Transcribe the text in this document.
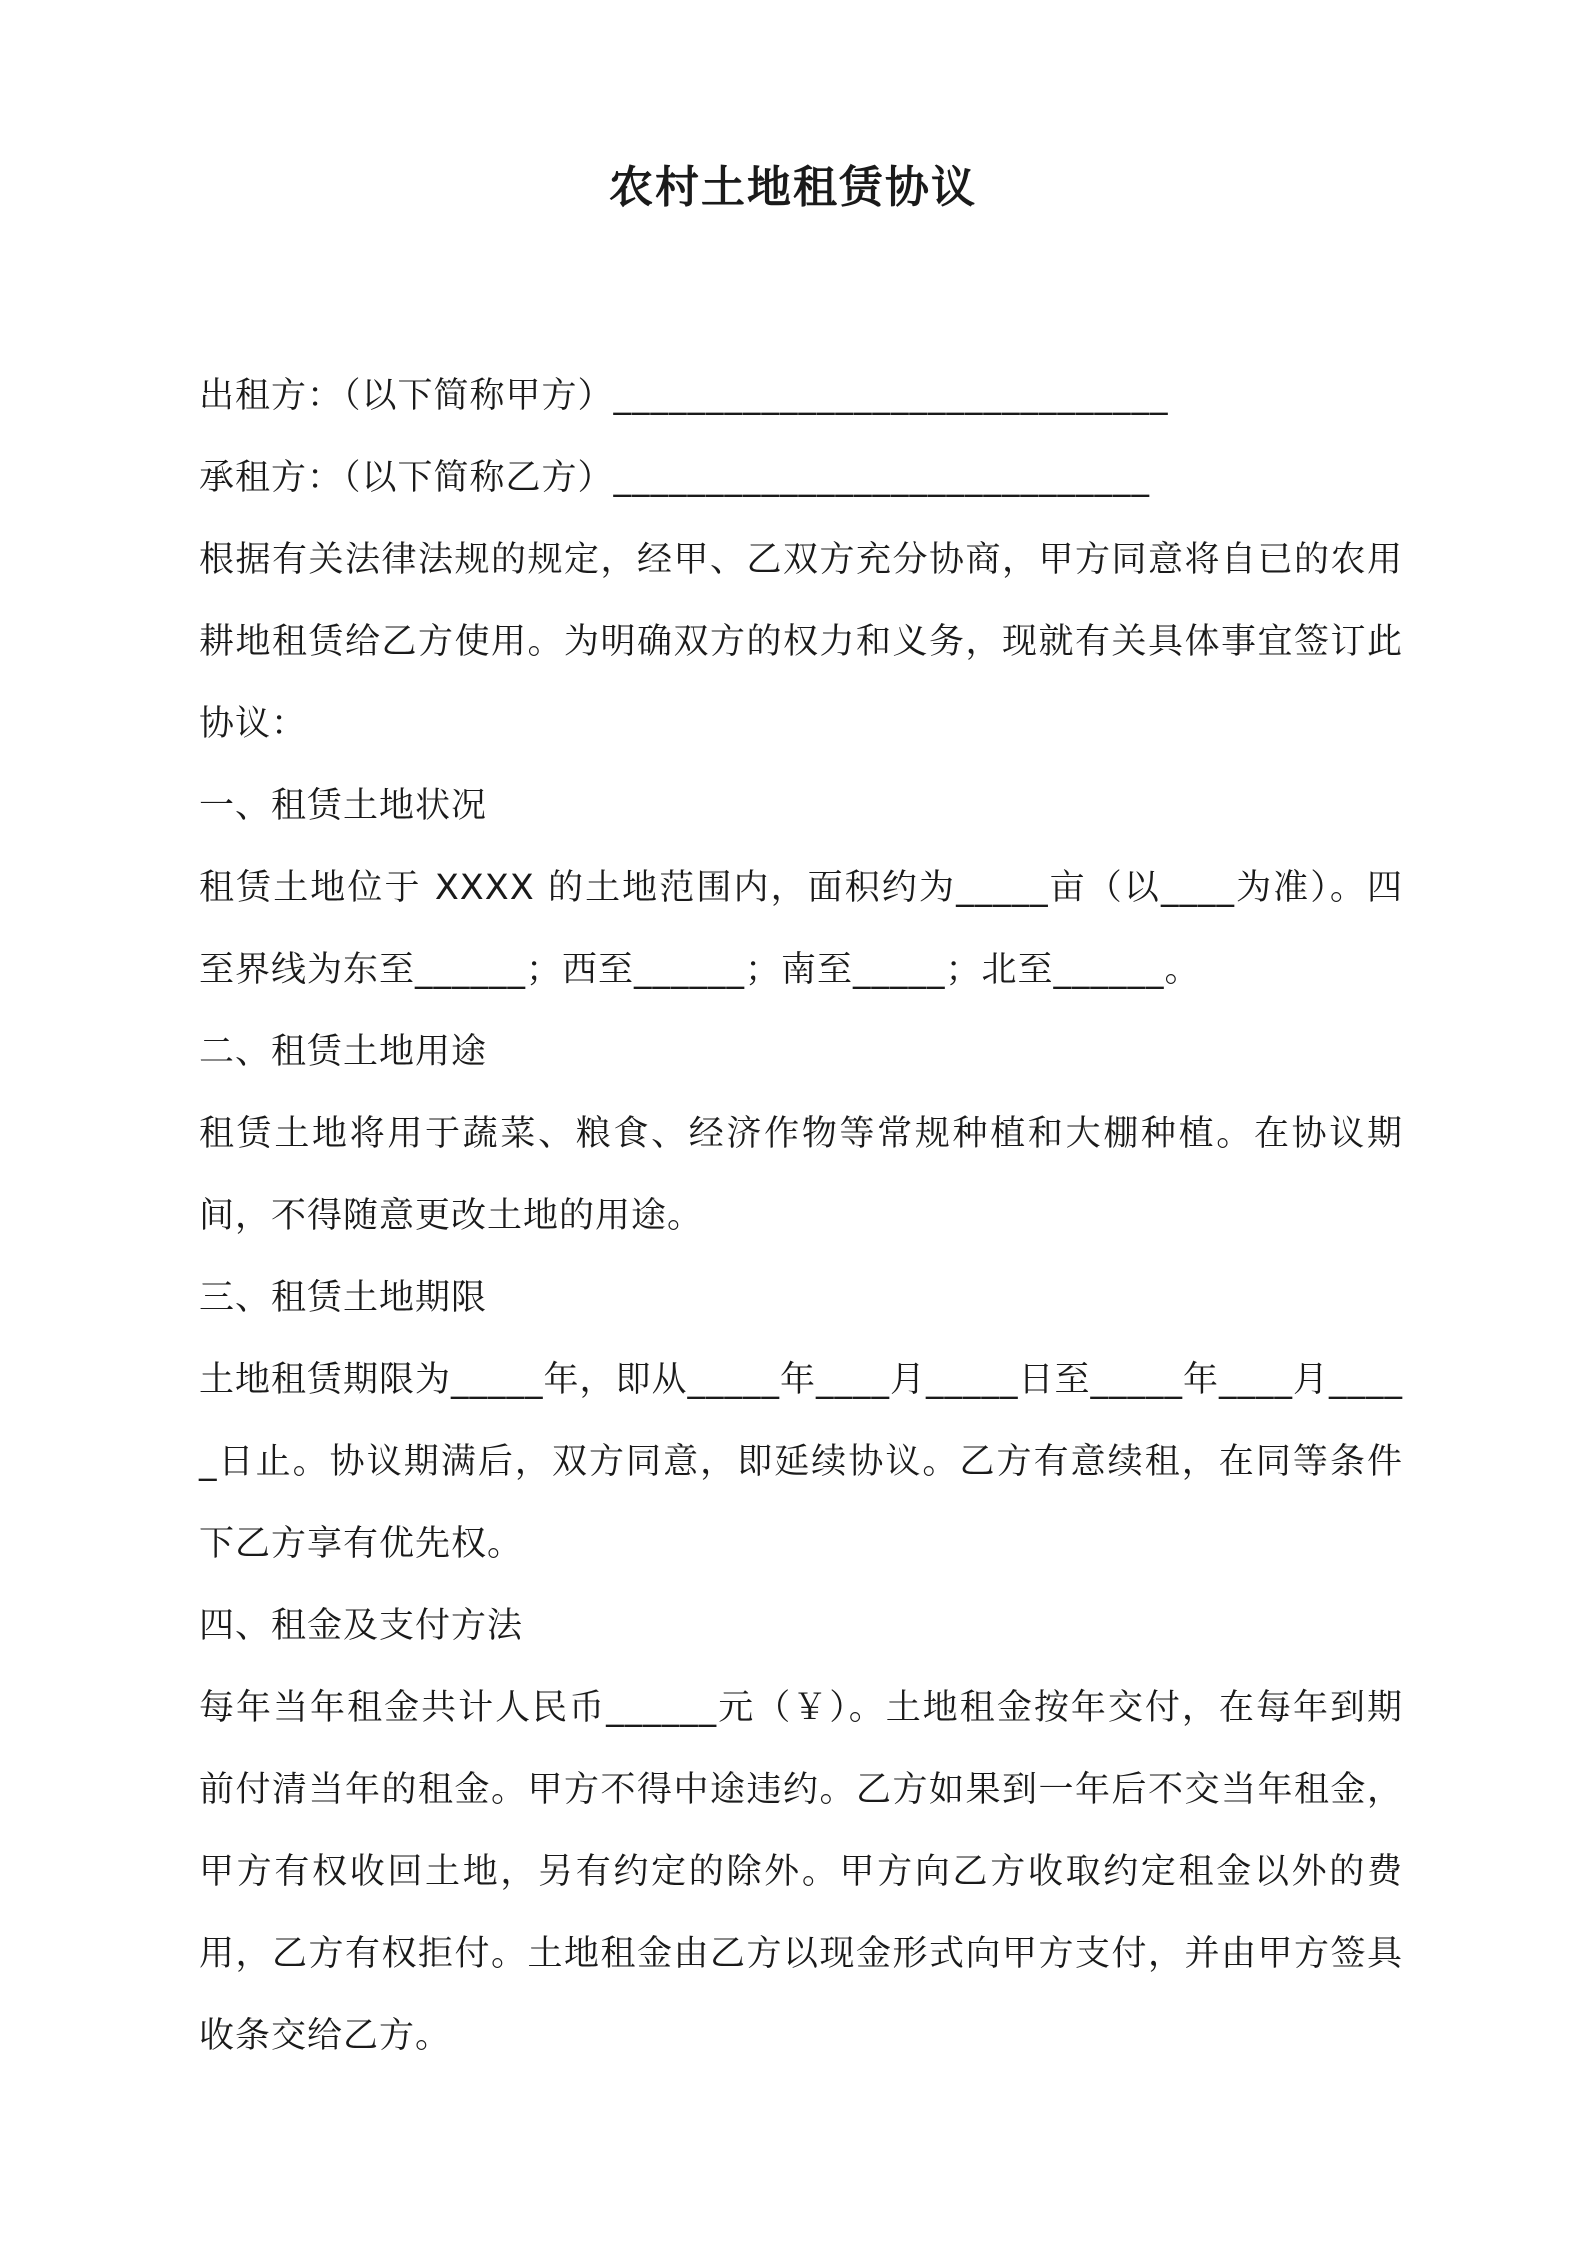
农村土地租赁协议

出租方：（以下简称甲方）______________________________

承租方：（以下简称乙方）_____________________________

根据有关法律法规的规定，经甲、乙双方充分协商，甲方同意将自已的农用耕地租赁给乙方使用。为明确双方的权力和义务，现就有关具体事宜签订此协议：

一、租赁土地状况

租赁土地位于 XXXX 的土地范围内，面积约为_____亩（以____为准）。四至界线为东至______；西至______；南至_____；北至______。

二、租赁土地用途

租赁土地将用于蔬菜、粮食、经济作物等常规种植和大棚种植。在协议期间，不得随意更改土地的用途。

三、租赁土地期限

土地租赁期限为_____年，即从_____年____月_____日至_____年____月_____日止。协议期满后，双方同意，即延续协议。乙方有意续租，在同等条件下乙方享有优先权。

四、租金及支付方法

每年当年租金共计人民币______元（￥）。土地租金按年交付，在每年到期前付清当年的租金。甲方不得中途违约。乙方如果到一年后不交当年租金，甲方有权收回土地，另有约定的除外。甲方向乙方收取约定租金以外的费用，乙方有权拒付。土地租金由乙方以现金形式向甲方支付，并由甲方签具收条交给乙方。
